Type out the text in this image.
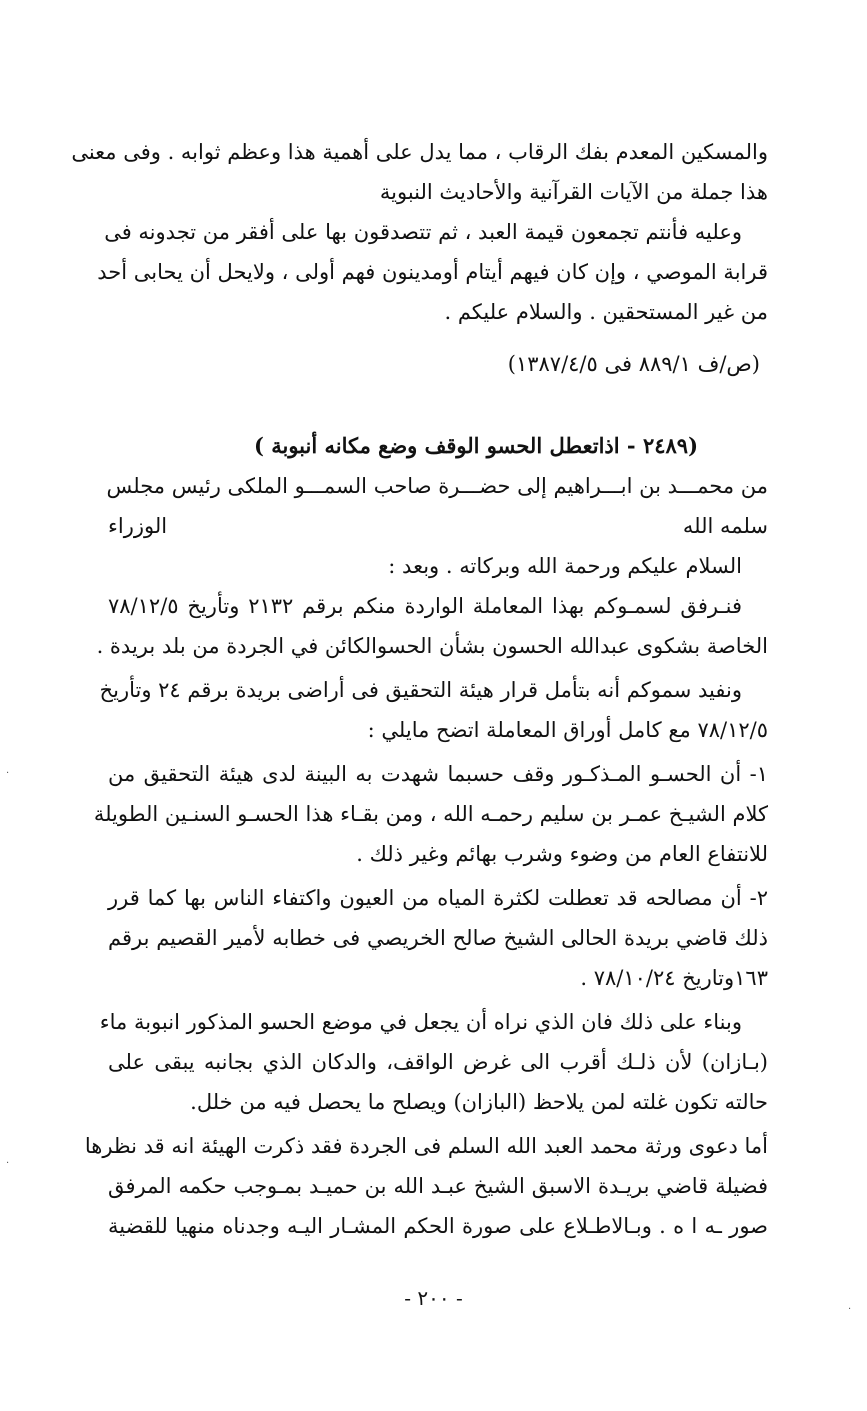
والمسكين المعدم بفك الرقاب ، مما يدل على أهمية هذا وعظم ثوابه . وفى معنى
هذا جملة من الآيات القرآنية والأحاديث النبوية

وعليه فأنتم تجمعون قيمة العبد ، ثم تتصدقون بها على أفقر من تجدونه فى
قرابة الموصي ، وإن كان فيهم أيتام أومدينون فهم أولى ، ولايحل أن يحابى أحد
من غير المستحقين . والسلام عليكم .

(ص/ف ٨٨٩/١ فى ١٣٨٧/٤/٥)

(٢٤٨٩ - اذاتعطل الحسو الوقف وضع مكانه أنبوبة )

من محمـــد بن ابـــراهيم إلى حضـــرة صاحب السمـــو الملكى رئيس مجلس

الوزراء	سلمه الله

السلام عليكم ورحمة الله وبركاته . وبعد :

فنـرفق لسمـوكم بهذا المعاملة الواردة منكم برقم ٢١٣٢ وتأريخ ٧٨/١٢/٥
الخاصة بشكوى عبدالله الحسون بشأن الحسوالكائن في الجردة من بلد بريدة .

ونفيد سموكم أنه بتأمل قرار هيئة التحقيق فى أراضى بريدة برقم ٢٤ وتأريخ
٧٨/١٢/٥ مع كامل أوراق المعاملة اتضح مايلي :

١- أن الحسـو المـذكـور وقف حسبما شهدت به البينة لدى هيئة التحقيق من
كلام الشيـخ عمـر بن سليم رحمـه الله ، ومن بقـاء هذا الحسـو السنـين الطويلة
للانتفاع العام من وضوء وشرب بهائم وغير ذلك .

٢- أن مصالحه قد تعطلت لكثرة المياه من العيون واكتفاء الناس بها كما قرر
ذلك قاضي بريدة الحالى الشيخ صالح الخريصي فى خطابه لأمير القصيم برقم
١٦٣وتاريخ ٧٨/١٠/٢٤ .

وبناء على ذلك فان الذي نراه أن يجعل في موضع الحسو المذكور انبوبة ماء
(بـازان) لأن ذلـك أقرب الى غرض الواقف، والدكان الذي بجانبه يبقى على
حالته تكون غلته لمن يلاحظ (البازان) ويصلح ما يحصل فيه من خلل.

أما دعوى ورثة محمد العبد الله السلم فى الجردة فقد ذكرت الهيئة انه قد نظرها
فضيلة قاضي بريـدة الاسبق الشيخ عبـد الله بن حميـد بمـوجب حكمه المرفق
صور ـه ا ه . وبـالاطـلاع على صورة الحكم المشـار اليـه وجدناه منهيا للقضية

- ٢٠٠ -
·
·
·
